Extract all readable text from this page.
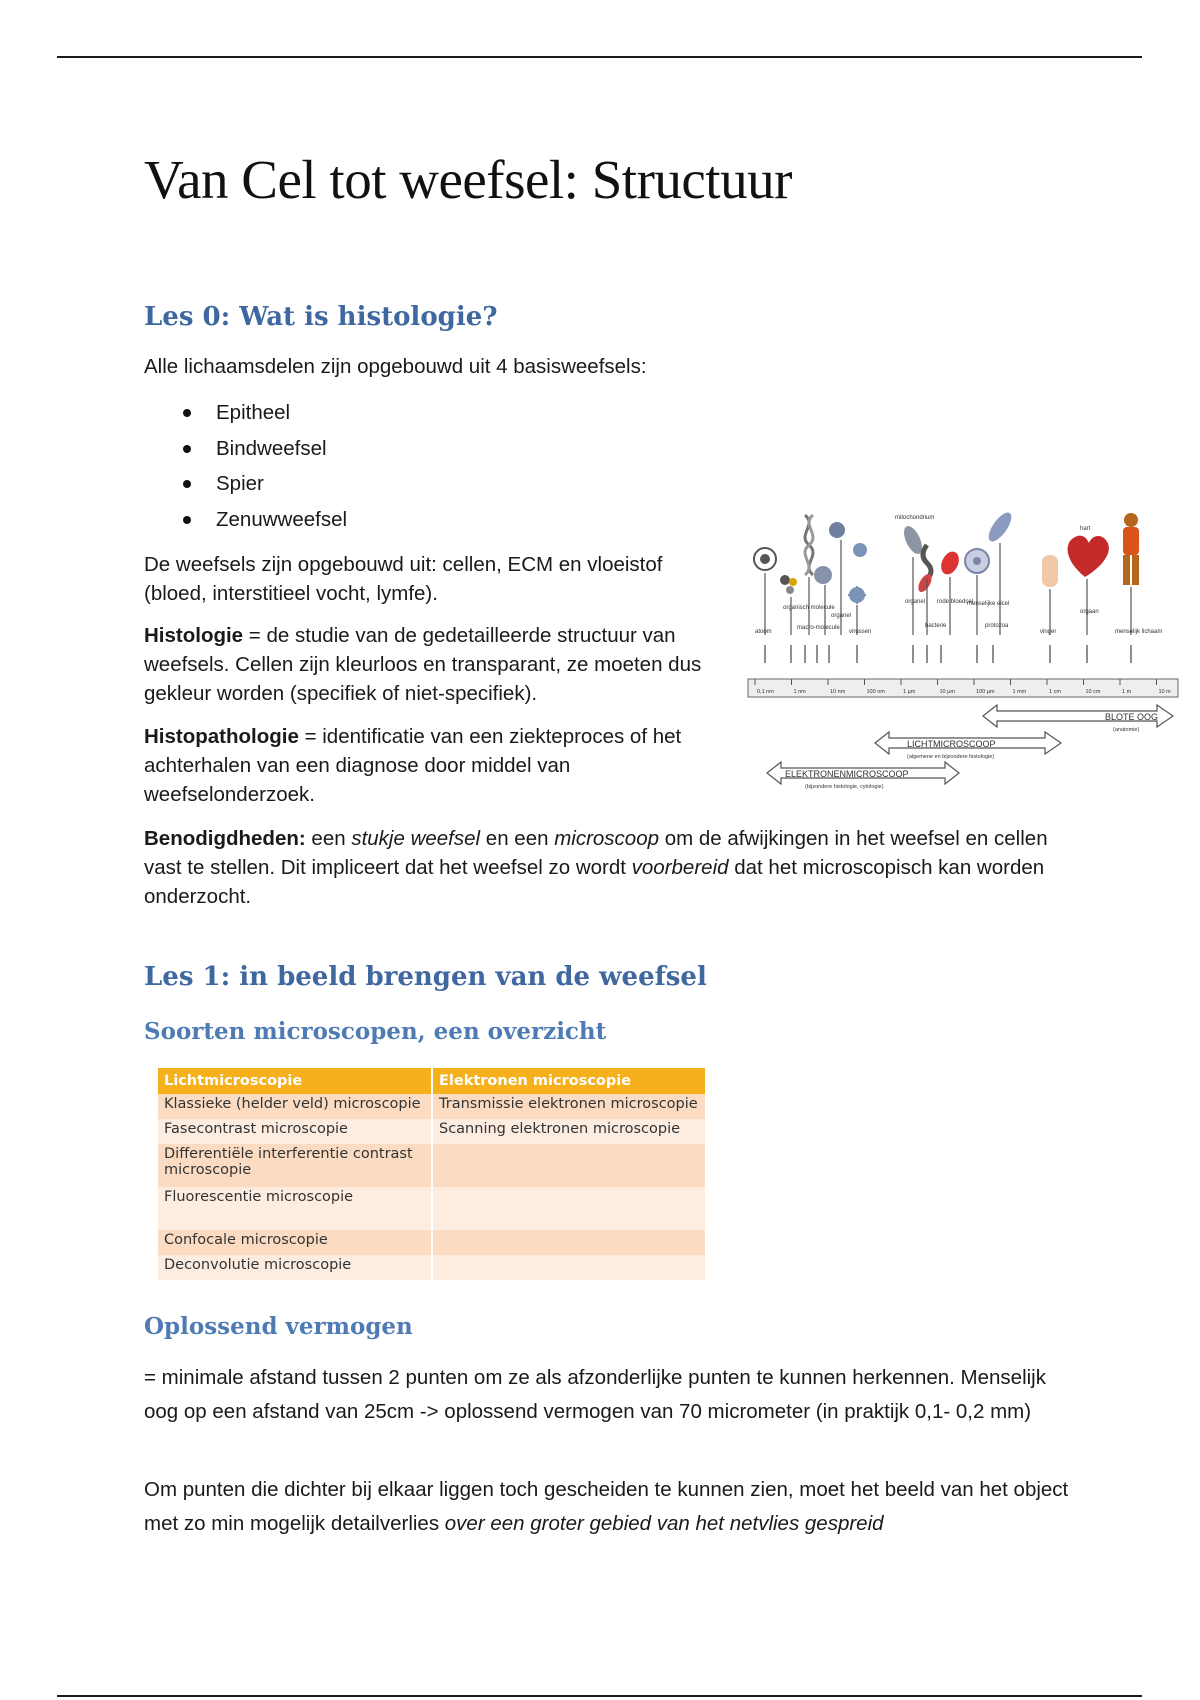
Van Cel tot weefsel: Structuur
Les 0: Wat is histologie?

Alle lichaamsdelen zijn opgebouwd uit 4 basisweefsels:

Epitheel
Bindweefsel
Spier
Zenuwweefsel

De weefsels zijn opgebouwd uit: cellen, ECM en vloeistof (bloed, interstitieel vocht, lymfe).

Histologie = de studie van de gedetailleerde structuur van weefsels. Cellen zijn kleurloos en transparant, ze moeten dus gekleur worden (specifiek of niet-specifiek).

Histopathologie = identificatie van een ziekteproces of het achterhalen van een diagnose door middel van weefselonderzoek.

Benodigdheden: een stukje weefsel en een microscoop om de afwijkingen in het weefsel en cellen vast te stellen. Dit impliceert dat het weefsel zo wordt voorbereid dat het microscopisch kan worden onderzocht.

Les 1: in beeld brengen van de weefsel
Soorten microscopen, een overzicht
Oplossend vermogen

= minimale afstand tussen 2 punten om ze als afzonderlijke punten te kunnen herkennen. Menselijk oog op een afstand van 25cm -> oplossend vermogen van 70 micrometer (in praktijk 0,1- 0,2 mm)

Om punten die dichter bij elkaar liggen toch gescheiden te kunnen zien, moet het beeld van het object met zo min mogelijk detailverlies over een groter gebied van het netvlies gespreid

atoom
organisch molecule
macro-molecule
organel
virussen
mitochondrium
organel rode bloedcel
bacterie
menselijke eicel
protozoa
vinger
hart
orgaan
menselijk lichaam
0,1 nm	1 nm	10 nm	100 nm	1 µm	10 µm	100 µm	1 mm	1 cm	10 cm	1 m	10 m
BLOTE OOG
(anatomie)
LICHTMICROSCOOP
(algemene en bijzondere histologie)
ELEKTRONENMICROSCOOP
(bijzondere histologie, cytologie)
Lichtmicroscopie	Elektronen microscopie
Klassieke (helder veld) microscopie	Transmissie elektronen microscopie
Fasecontrast microscopie	Scanning elektronen microscopie
Differentiële interferentie contrast microscopie	
Fluorescentie microscopie	
Confocale microscopie	
Deconvolutie microscopie	
